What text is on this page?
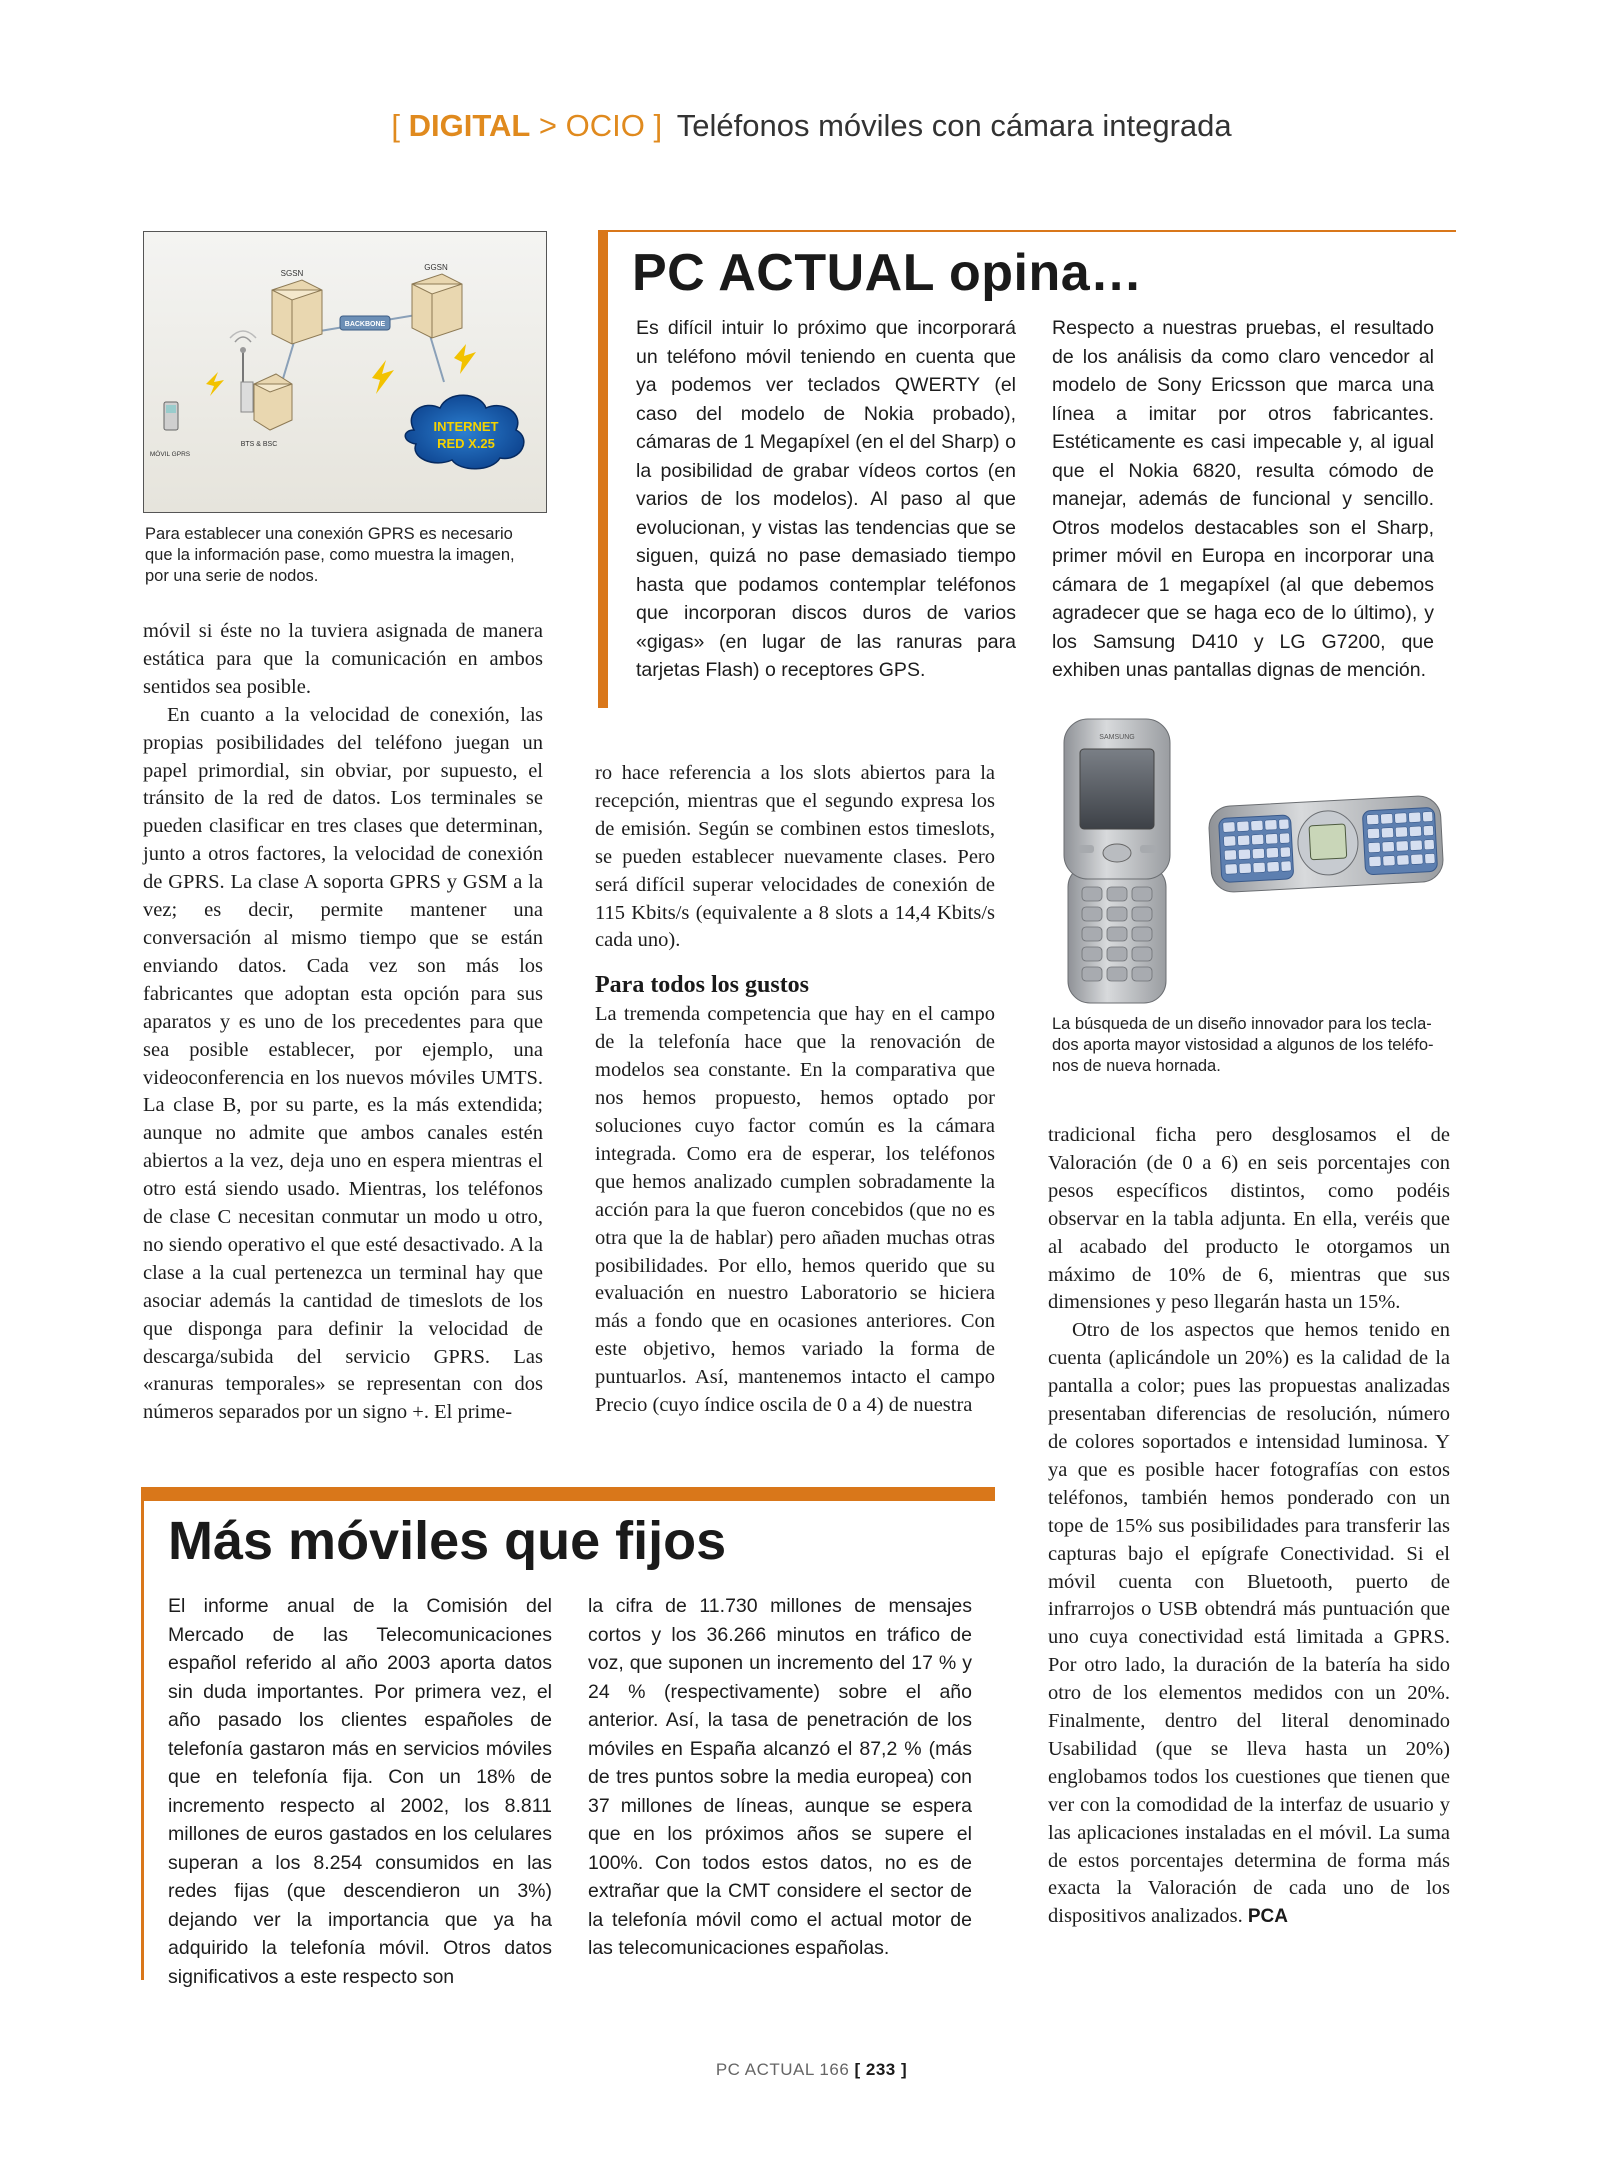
[ DIGITAL > OCIO ] Teléfonos móviles con cámara integrada
SGSN
GGSN
BACKBONE
BTS & BSC
MÓVIL GPRS
INTERNET
RED X.25
Para establecer una conexión GPRS es necesario
que la información pase, como muestra la imagen,
por una serie de nodos.

móvil si éste no la tuviera asignada de manera estática para que la comunicación en ambos sentidos sea posible.

En cuanto a la velocidad de conexión, las propias posibilidades del teléfono juegan un papel primordial, sin obviar, por supuesto, el tránsito de la red de datos. Los terminales se pueden clasificar en tres clases que determinan, junto a otros factores, la velocidad de conexión de GPRS. La clase A soporta GPRS y GSM a la vez; es decir, permite mantener una conversación al mismo tiempo que se están enviando datos. Cada vez son más los fabricantes que adoptan esta opción para sus aparatos y es uno de los precedentes para que sea posible establecer, por ejemplo, una videoconferencia en los nuevos móviles UMTS. La clase B, por su parte, es la más extendida; aunque no admite que ambos canales estén abiertos a la vez, deja uno en espera mientras el otro está siendo usado. Mientras, los teléfonos de clase C necesitan conmutar un modo u otro, no siendo operativo el que esté desactivado. A la clase a la cual pertenezca un terminal hay que asociar además la cantidad de timeslots de los que disponga para definir la velocidad de descarga/subida del servicio GPRS. Las «ranuras temporales» se representan con dos números separados por un signo +. El prime-

PC ACTUAL opina…

Es difícil intuir lo próximo que incorporará un teléfono móvil teniendo en cuenta que ya podemos ver teclados QWERTY (el caso del modelo de Nokia probado), cámaras de 1 Megapíxel (en el del Sharp) o la posibilidad de grabar vídeos cortos (en varios de los modelos). Al paso al que evolucionan, y vistas las tendencias que se siguen, quizá no pase demasiado tiempo hasta que podamos contemplar teléfonos que incorporan discos duros de varios «gigas» (en lugar de las ranuras para tarjetas Flash) o receptores GPS.

Respecto a nuestras pruebas, el resultado de los análisis da como claro vencedor al modelo de Sony Ericsson que marca una línea a imitar por otros fabricantes. Estéticamente es casi impecable y, al igual que el Nokia 6820, resulta cómodo de manejar, además de funcional y sencillo. Otros modelos destacables son el Sharp, primer móvil en Europa en incorporar una cámara de 1 megapíxel (al que debemos agradecer que se haga eco de lo último), y los Samsung D410 y LG G7200, que exhiben unas pantallas dignas de mención.

ro hace referencia a los slots abiertos para la recepción, mientras que el segundo expresa los de emisión. Según se combinen estos timeslots, se pueden establecer nuevamente clases. Pero será difícil superar velocidades de conexión de 115 Kbits/s (equivalente a 8 slots a 14,4 Kbits/s cada uno).

Para todos los gustos

La tremenda competencia que hay en el campo de la telefonía hace que la renovación de modelos sea constante. En la comparativa que nos hemos propuesto, hemos optado por soluciones cuyo factor común es la cámara integrada. Como era de esperar, los teléfonos que hemos analizado cumplen sobradamente la acción para la que fueron concebidos (que no es otra que la de hablar) pero añaden muchas otras posibilidades. Por ello, hemos querido que su evaluación en nuestro Laboratorio se hiciera más a fondo que en ocasiones anteriores. Con este objetivo, hemos variado la forma de puntuarlos. Así, mantenemos intacto el campo Precio (cuyo índice oscila de 0 a 4) de nuestra

SAMSUNG
La búsqueda de un diseño innovador para los tecla-
dos aporta mayor vistosidad a algunos de los teléfo-
nos de nueva hornada.

tradicional ficha pero desglosamos el de Valoración (de 0 a 6) en seis porcentajes con pesos específicos distintos, como podéis observar en la tabla adjunta. En ella, veréis que al acabado del producto le otorgamos un máximo de 10% de 6, mientras que sus dimensiones y peso llegarán hasta un 15%.

Otro de los aspectos que hemos tenido en cuenta (aplicándole un 20%) es la calidad de la pantalla a color; pues las propuestas analizadas presentaban diferencias de resolución, número de colores soportados e intensidad luminosa. Y ya que es posible hacer fotografías con estos teléfonos, también hemos ponderado con un tope de 15% sus posibilidades para transferir las capturas bajo el epígrafe Conectividad. Si el móvil cuenta con Bluetooth, puerto de infrarrojos o USB obtendrá más puntuación que uno cuya conectividad está limitada a GPRS. Por otro lado, la duración de la batería ha sido otro de los elementos medidos con un 20%. Finalmente, dentro del literal denominado Usabilidad (que se lleva hasta un 20%) englobamos todos los cuestiones que tienen que ver con la comodidad de la interfaz de usuario y las aplicaciones instaladas en el móvil. La suma de estos porcentajes determina de forma más exacta la Valoración de cada uno de los dispositivos analizados. PCA

Más móviles que fijos

El informe anual de la Comisión del Mercado de las Telecomunicaciones español referido al año 2003 aporta datos sin duda importantes. Por primera vez, el año pasado los clientes españoles de telefonía gastaron más en servicios móviles que en telefonía fija. Con un 18% de incremento respecto al 2002, los 8.811 millones de euros gastados en los celulares superan a los 8.254 consumidos en las redes fijas (que descendieron un 3%) dejando ver la importancia que ya ha adquirido la telefonía móvil. Otros datos significativos a este respecto son

la cifra de 11.730 millones de mensajes cortos y los 36.266 minutos en tráfico de voz, que suponen un incremento del 17 % y 24 % (respectivamente) sobre el año anterior. Así, la tasa de penetración de los móviles en España alcanzó el 87,2 % (más de tres puntos sobre la media europea) con 37 millones de líneas, aunque se espera que en los próximos años se supere el 100%. Con todos estos datos, no es de extrañar que la CMT considere el sector de la telefonía móvil como el actual motor de las telecomunicaciones españolas.

PC ACTUAL 166 [ 233 ]
